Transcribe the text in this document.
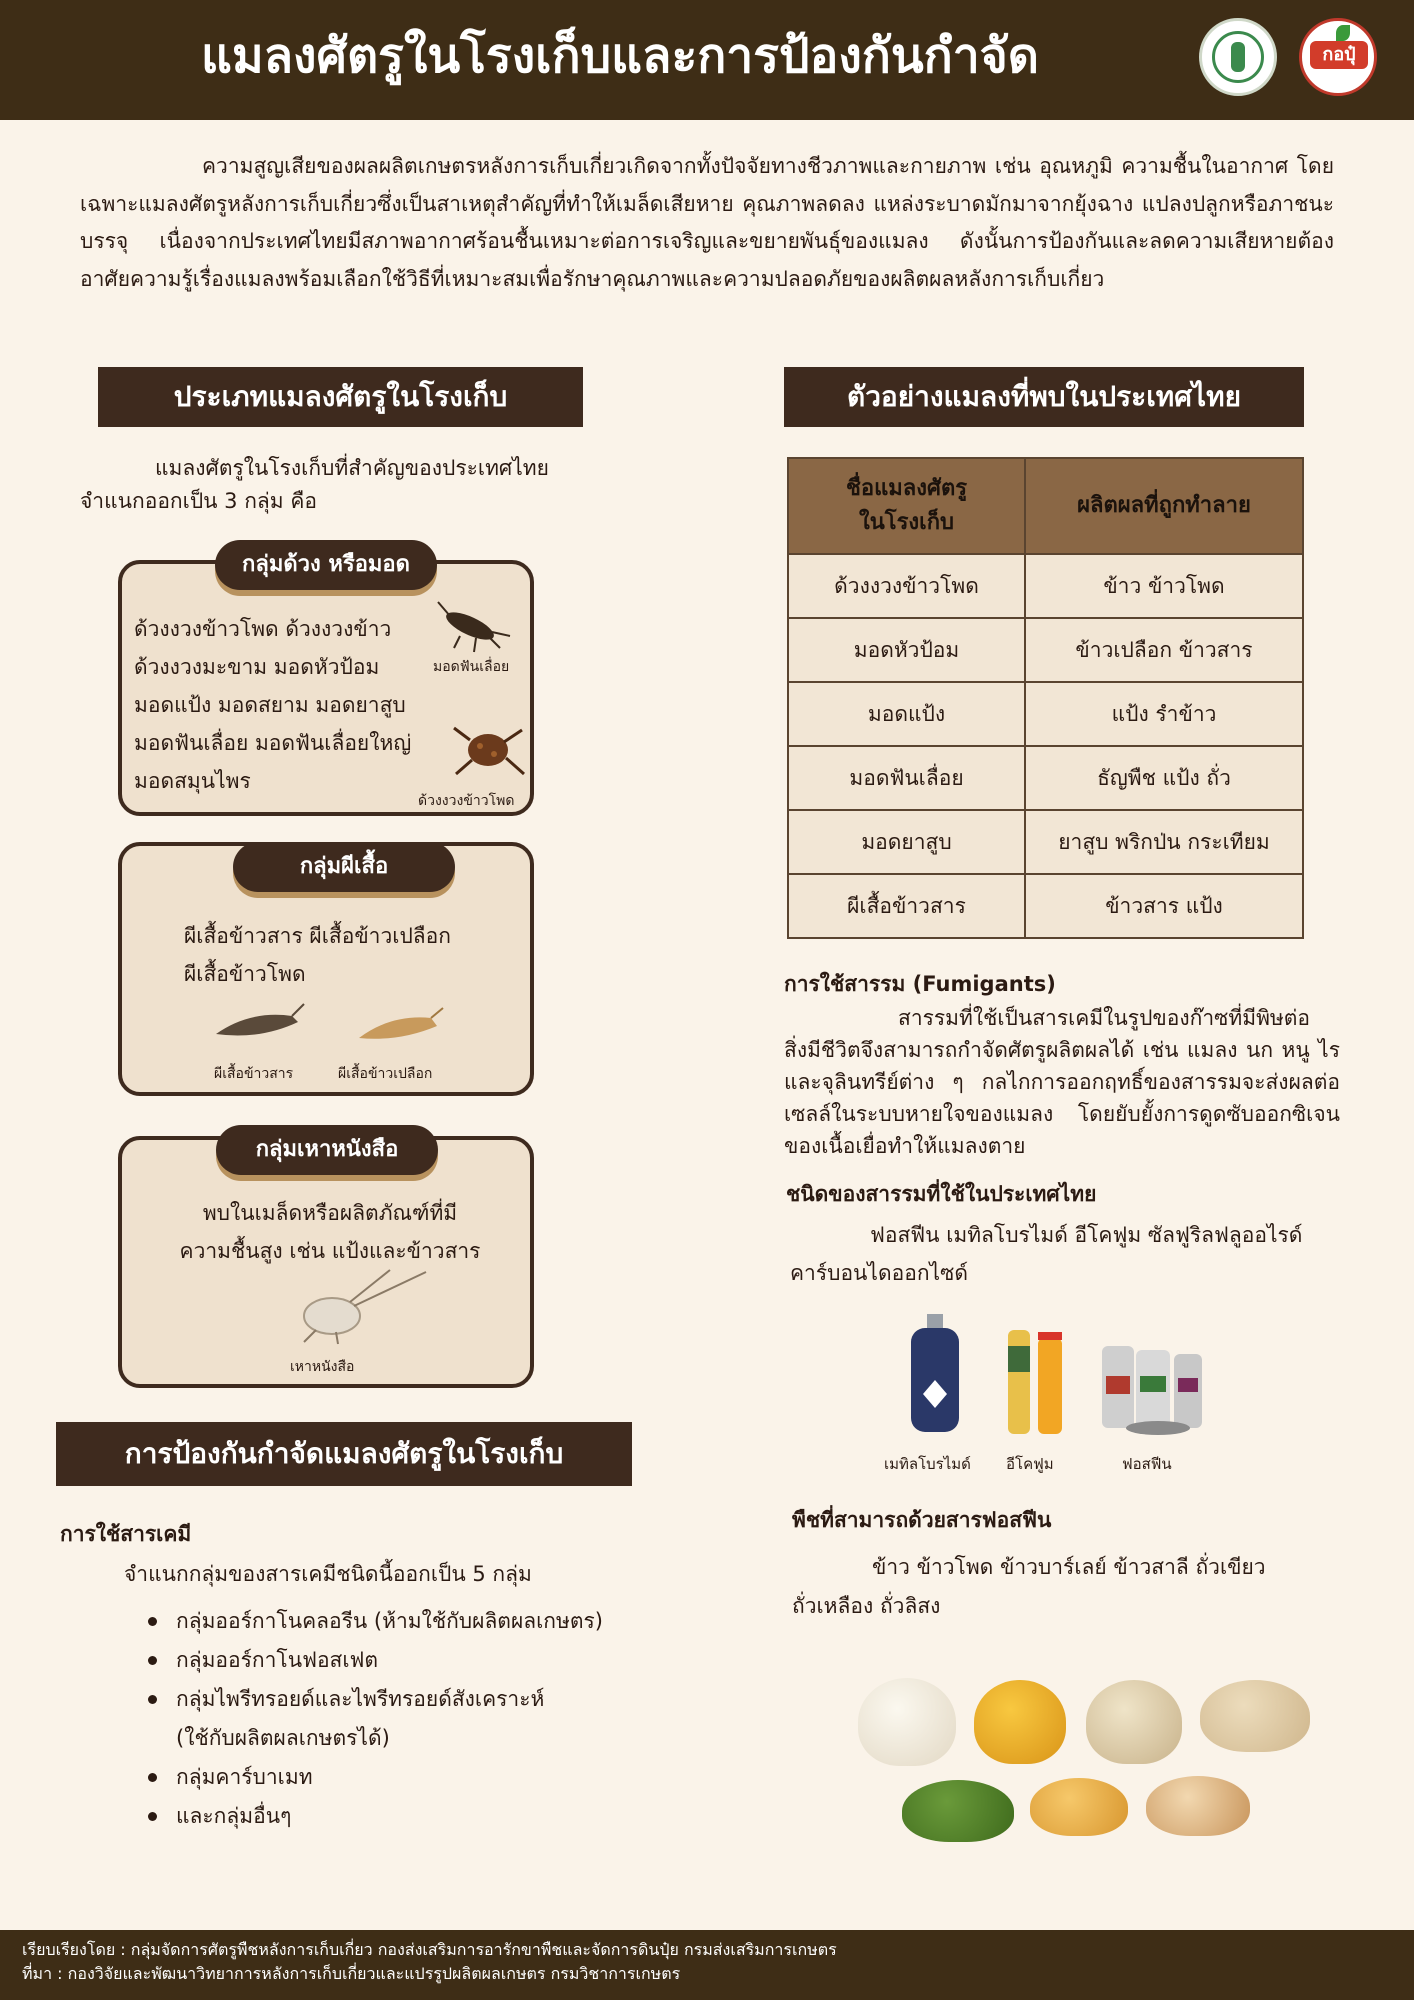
แมลงศัตรูในโรงเก็บและการป้องกันกำจัด	กอปุ๋

ความสูญเสียของผลผลิตเกษตรหลังการเก็บเกี่ยวเกิดจากทั้งปัจจัยทางชีวภาพและกายภาพ เช่น อุณหภูมิ ความชื้นในอากาศ โดยเฉพาะแมลงศัตรูหลังการเก็บเกี่ยวซึ่งเป็นสาเหตุสำคัญที่ทำให้เมล็ดเสียหาย คุณภาพลดลง แหล่งระบาดมักมาจากยุ้งฉาง แปลงปลูกหรือภาชนะบรรจุ เนื่องจากประเทศไทยมีสภาพอากาศร้อนชื้นเหมาะต่อการเจริญและขยายพันธุ์ของแมลง ดังนั้นการป้องกันและลดความเสียหายต้องอาศัยความรู้เรื่องแมลงพร้อมเลือกใช้วิธีที่เหมาะสมเพื่อรักษาคุณภาพและความปลอดภัยของผลิตผลหลังการเก็บเกี่ยว

ประเภทแมลงศัตรูในโรงเก็บ
แมลงศัตรูในโรงเก็บที่สำคัญของประเทศไทย
จำแนกออกเป็น 3 กลุ่ม คือ
กลุ่มด้วง หรือมอด
ด้วงงวงข้าวโพด ด้วงงวงข้าว
ด้วงงวงมะขาม มอดหัวป้อม
มอดแป้ง มอดสยาม มอดยาสูบ
มอดฟันเลื่อย มอดฟันเลื่อยใหญ่
มอดสมุนไพร
มอดฟันเลื่อย
ด้วงงวงข้าวโพด
กลุ่มผีเสื้อ
ผีเสื้อข้าวสาร ผีเสื้อข้าวเปลือก
ผีเสื้อข้าวโพด
ผีเสื้อข้าวสาร	ผีเสื้อข้าวเปลือก
กลุ่มเหาหนังสือ
พบในเมล็ดหรือผลิตภัณฑ์ที่มี
ความชื้นสูง เช่น แป้งและข้าวสาร
เหาหนังสือ
การป้องกันกำจัดแมลงศัตรูในโรงเก็บ
การใช้สารเคมี
จำแนกกลุ่มของสารเคมีชนิดนี้ออกเป็น 5 กลุ่ม
กลุ่มออร์กาโนคลอรีน (ห้ามใช้กับผลิตผลเกษตร)
กลุ่มออร์กาโนฟอสเฟต
กลุ่มไพรีทรอยด์และไพรีทรอยด์สังเคราะห์
(ใช้กับผลิตผลเกษตรได้)
กลุ่มคาร์บาเมท
และกลุ่มอื่นๆ
ตัวอย่างแมลงที่พบในประเทศไทย
ชื่อแมลงศัตรู
ในโรงเก็บ	ผลิตผลที่ถูกทำลาย
ด้วงงวงข้าวโพด	ข้าว ข้าวโพด
มอดหัวป้อม	ข้าวเปลือก ข้าวสาร
มอดแป้ง	แป้ง รำข้าว
มอดฟันเลื่อย	ธัญพืช แป้ง ถั่ว
มอดยาสูบ	ยาสูบ พริกป่น กระเทียม
ผีเสื้อข้าวสาร	ข้าวสาร แป้ง
การใช้สารรม (Fumigants)
สารรมที่ใช้เป็นสารเคมีในรูปของก๊าซที่มีพิษต่อ
สิ่งมีชีวิตจึงสามารถกำจัดศัตรูผลิตผลได้ เช่น แมลง นก หนู ไร และจุลินทรีย์ต่าง ๆ กลไกการออกฤทธิ์ของสารรมจะส่งผลต่อเซลล์ในระบบหายใจของแมลง โดยยับยั้งการดูดซับออกซิเจนของเนื้อเยื่อทำให้แมลงตาย
ชนิดของสารรมที่ใช้ในประเทศไทย
ฟอสฟีน เมทิลโบรไมด์ อีโคฟูม ซัลฟูริลฟลูออไรด์
คาร์บอนไดออกไซด์
เมทิลโบรไมด์ อีโคฟูม	ฟอสฟีน
พืชที่สามารถด้วยสารฟอสฟีน
ข้าว ข้าวโพด ข้าวบาร์เลย์ ข้าวสาลี ถั่วเขียว
ถั่วเหลือง ถั่วลิสง
เรียบเรียงโดย : กลุ่มจัดการศัตรูพืชหลังการเก็บเกี่ยว กองส่งเสริมการอารักขาพืชและจัดการดินปุ๋ย กรมส่งเสริมการเกษตร
ที่มา : กองวิจัยและพัฒนาวิทยาการหลังการเก็บเกี่ยวและแปรรูปผลิตผลเกษตร กรมวิชาการเกษตร
